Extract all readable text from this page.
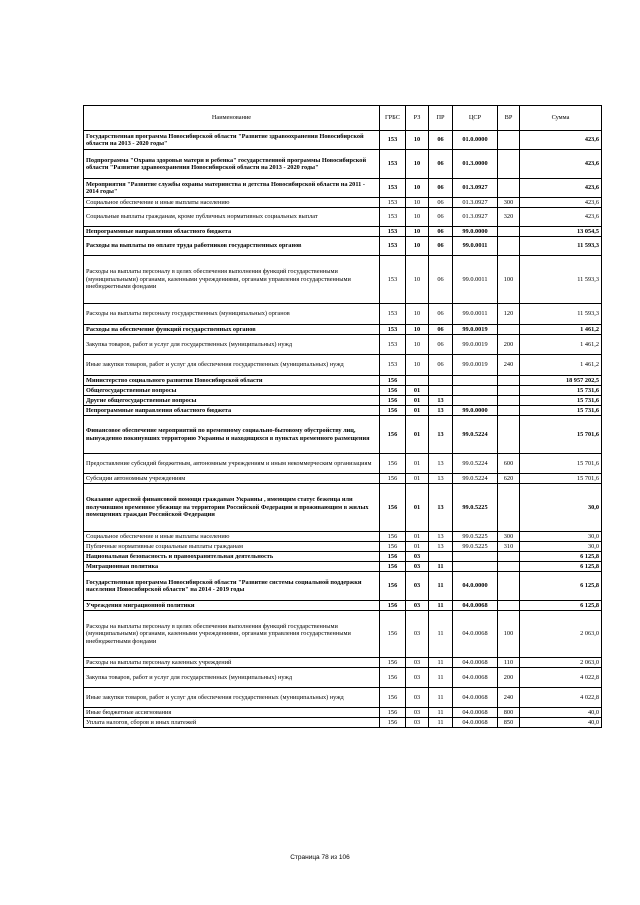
Наименование	ГРБС	РЗ	ПР	ЦСР	ВР	Сумма
Государственная программа Новосибирской области "Развитие здравоохранения Новосибирской области на 2013 - 2020 годы"	153	10	06	01.0.0000		423,6
Подпрограмма "Охрана здоровья матери и ребенка" государственной программы Новосибирской области "Развитие здравоохранения Новосибирской области на 2013 - 2020 годы"	153	10	06	01.3.0000		423,6
Мероприятия "Развитие службы охраны материнства и детства Новосибирской области на 2011 - 2014 годы"	153	10	06	01.3.0927		423,6
Социальное обеспечение и иные выплаты населению	153	10	06	01.3.0927	300	423,6
Социальные выплаты гражданам, кроме публичных нормативных социальных выплат	153	10	06	01.3.0927	320	423,6
Непрограммные направления областного бюджета	153	10	06	99.0.0000		13 054,5
Расходы на выплаты по оплате труда работников государственных органов	153	10	06	99.0.0011		11 593,3
Расходы на выплаты персоналу в целях обеспечения выполнения функций государственными (муниципальными) органами, казенными учреждениями, органами управления государственными внебюджетными фондами	153	10	06	99.0.0011	100	11 593,3
Расходы на выплаты персоналу государственных (муниципальных) органов	153	10	06	99.0.0011	120	11 593,3
Расходы на обеспечение функций государственных органов	153	10	06	99.0.0019		1 461,2
Закупка товаров, работ и услуг для государственных (муниципальных) нужд	153	10	06	99.0.0019	200	1 461,2
Иные закупки товаров, работ и услуг для обеспечения государственных (муниципальных) нужд	153	10	06	99.0.0019	240	1 461,2
Министерство социального развития Новосибирской области	156					18 957 202,5
Общегосударственные вопросы	156	01				15 731,6
Другие общегосударственные вопросы	156	01	13			15 731,6
Непрограммные направления областного бюджета	156	01	13	99.0.0000		15 731,6
Финансовое обеспечение мероприятий по временному социально-бытовому обустройству лиц, вынужденно покинувших территорию Украины и находящихся в пунктах временного размещения	156	01	13	99.0.5224		15 701,6
Предоставление субсидий бюджетным, автономным учреждениям и иным некоммерческим организациям	156	01	13	99.0.5224	600	15 701,6
Субсидии автономным учреждениям	156	01	13	99.0.5224	620	15 701,6
Оказание адресной финансовой помощи гражданам Украины , имеющим статус беженца или получившим временное убежище на территории Российской Федерации и проживающим в жилых помещениях граждан Российской Федерации	156	01	13	99.0.5225		30,0
Социальное обеспечение и иные выплаты населению	156	01	13	99.0.5225	300	30,0
Публичные нормативные социальные выплаты гражданам	156	01	13	99.0.5225	310	30,0
Национальная безопасность и правоохранительная деятельность	156	03				6 125,8
Миграционная политика	156	03	11			6 125,8
Государственная программа Новосибирской области "Развитие системы социальной поддержки населения Новосибирской области" на 2014 - 2019 годы	156	03	11	04.0.0000		6 125,8
Учреждения миграционной политики	156	03	11	04.0.0068		6 125,8
Расходы на выплаты персоналу в целях обеспечения выполнения функций государственными (муниципальными) органами, казенными учреждениями, органами управления государственными внебюджетными фондами	156	03	11	04.0.0068	100	2 063,0
Расходы на выплаты персоналу казенных учреждений	156	03	11	04.0.0068	110	2 063,0
Закупка товаров, работ и услуг для государственных (муниципальных) нужд	156	03	11	04.0.0068	200	4 022,8
Иные закупки товаров, работ и услуг для обеспечения государственных (муниципальных) нужд	156	03	11	04.0.0068	240	4 022,8
Иные бюджетные ассигнования	156	03	11	04.0.0068	800	40,0
Уплата налогов, сборов и иных платежей	156	03	11	04.0.0068	850	40,0
Страница 78 из 106
